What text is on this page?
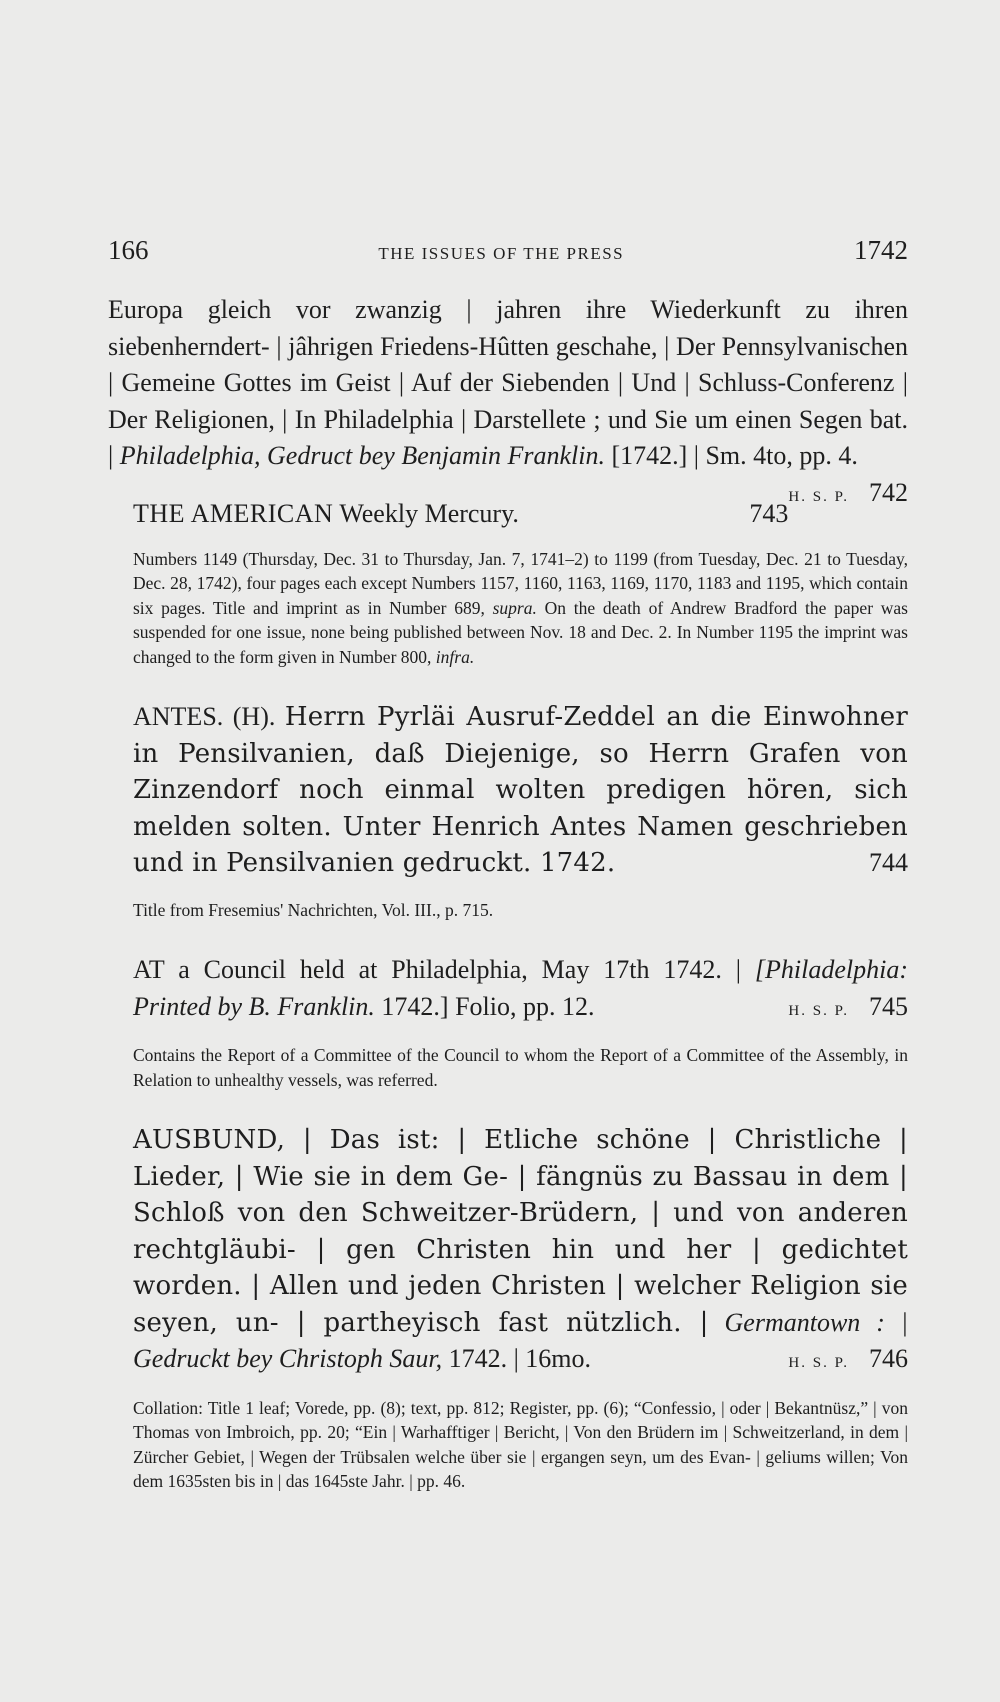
166	THE ISSUES OF THE PRESS	1742

Europa gleich vor zwanzig | jahren ihre Wiederkunft zu ihren siebenherndert- | jâhrigen Friedens-Hûtten geschahe, | Der Pennsylvanischen | Gemeine Gottes im Geist | Auf der Siebenden | Und | Schluss-Conferenz | Der Religionen, | In Philadelphia | Darstellete ; und Sie um einen Segen bat. | Philadelphia, Gedruct bey Benjamin Franklin. [1742.] | Sm. 4to, pp. 4.
H. S. P. 742

THE AMERICAN Weekly Mercury.	743

Numbers 1149 (Thursday, Dec. 31 to Thursday, Jan. 7, 1741–2) to 1199 (from Tuesday, Dec. 21 to Tuesday, Dec. 28, 1742), four pages each except Numbers 1157, 1160, 1163, 1169, 1170, 1183 and 1195, which contain six pages. Title and imprint as in Number 689, supra. On the death of Andrew Bradford the paper was suspended for one issue, none being published between Nov. 18 and Dec. 2. In Number 1195 the imprint was changed to the form given in Number 800, infra.

ANTES. (H). Herrn Pyrläi Ausruf-Zeddel an die Einwohner in Pensilvanien, daß Diejenige, so Herrn Grafen von Zinzendorf noch einmal wolten predigen hören, sich melden solten. Unter Henrich Antes Namen geschrieben und in Pensilvanien gedruckt. 1742.	744

Title from Fresemius' Nachrichten, Vol. III., p. 715.

AT a Council held at Philadelphia, May 17th 1742. | [Philadelphia: Printed by B. Franklin. 1742.] Folio, pp. 12.	H. S. P. 745

Contains the Report of a Committee of the Council to whom the Report of a Committee of the Assembly, in Relation to unhealthy vessels, was referred.

AUSBUND, | Das ist: | Etliche schöne | Christliche | Lieder, | Wie sie in dem Ge- | fängnüs zu Bassau in dem | Schloß von den Schweitzer-Brüdern, | und von anderen rechtgläubi- | gen Christen hin und her | gedichtet worden. | Allen und jeden Christen | welcher Religion sie seyen, un- | partheyisch fast nützlich. | Germantown : | Gedruckt bey Christoph Saur, 1742. | 16mo.	H. S. P. 746

Collation: Title 1 leaf; Vorede, pp. (8); text, pp. 812; Register, pp. (6); “Confessio, | oder | Bekantnüsz,” | von Thomas von Imbroich, pp. 20; “Ein | Warhafftiger | Bericht, | Von den Brüdern im | Schweitzerland, in dem | Zürcher Gebiet, | Wegen der Trübsalen welche über sie | ergangen seyn, um des Evan- | geliums willen; Von dem 1635sten bis in | das 1645ste Jahr. | pp. 46.
